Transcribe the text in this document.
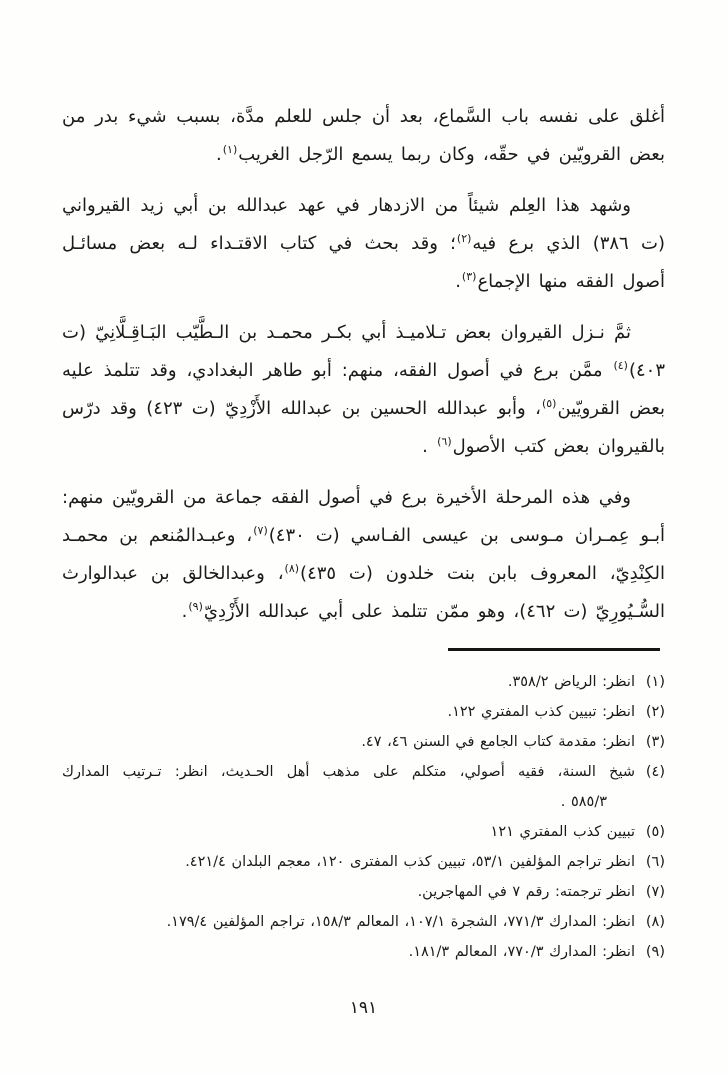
أغلق على نفسه باب السَّماع، بعد أن جلس للعلم مدَّة، بسبب شيء بدر من بعض القرويّين في حقّه، وكان ربما يسمع الرّجل الغريب$^{(١)}$.

وشهد هذا العِلم شيئاً من الازدهار في عهد عبدالله بن أبي زيد القيرواني (ت ٣٨٦) الذي برع فيه$^{(٢)}$؛ وقد بحث في كتاب الاقتـداء لـه بعض مسائـل أصول الفقه منها الإجماع$^{(٣)}$.

ثمَّ نـزل القيروان بعض تـلاميـذ أبي بكـر محمـد بن الـطَّيّب البَـاقِـلَّانِيّ (ت ٤٠٣)$^{(٤)}$ ممَّن برع في أصول الفقه، منهم: أبو طاهر البغدادي، وقد تتلمذ عليه بعض القرويّين$^{(٥)}$، وأبو عبدالله الحسين بن عبدالله الأَزْدِيّ (ت ٤٢٣) وقد درّس بالقيروان بعض كتب الأصول$^{(٦)}$ .

وفي هذه المرحلة الأخيرة برع في أصول الفقه جماعة من القرويّين منهم: أبـو عِمـران مـوسى بن عيسى الفـاسي (ت ٤٣٠)$^{(٧)}$، وعبـدالمُنعم بن محمـد الكِنْدِيّ، المعروف بابن بنت خلدون (ت ٤٣٥)$^{(٨)}$، وعبدالخالق بن عبدالوارث السُّـيُورِيّ (ت ٤٦٢)، وهو ممّن تتلمذ على أبي عبدالله الأَزْدِيّ$^{(٩)}$.

(١)
انظر: الرياض ٣٥٨/٢.
(٢)
انظر: تبيين كذب المفتري ١٢٢.
(٣)
انظر: مقدمة كتاب الجامع في السنن ٤٦، ٤٧.
(٤)
شيخ السنة، فقيه أصولي، متكلم على مذهب أهل الحـديث، انظر: تـرتيب المدارك
٥٨٥/٣ .
(٥)
تبيين كذب المفتري ١٢١
(٦)
انظر تراجم المؤلفين ٥٣/١، تبيين كذب المفترى ١٢٠، معجم البلدان ٤٢١/٤.
(٧)
انظر ترجمته: رقم ٧ في المهاجرين.
(٨)
انظر: المدارك ٧٧١/٣، الشجرة ١٠٧/١، المعالم ١٥٨/٣، تراجم المؤلفين ١٧٩/٤.
(٩)
انظر: المدارك ٧٧٠/٣، المعالم ١٨١/٣.
١٩١
